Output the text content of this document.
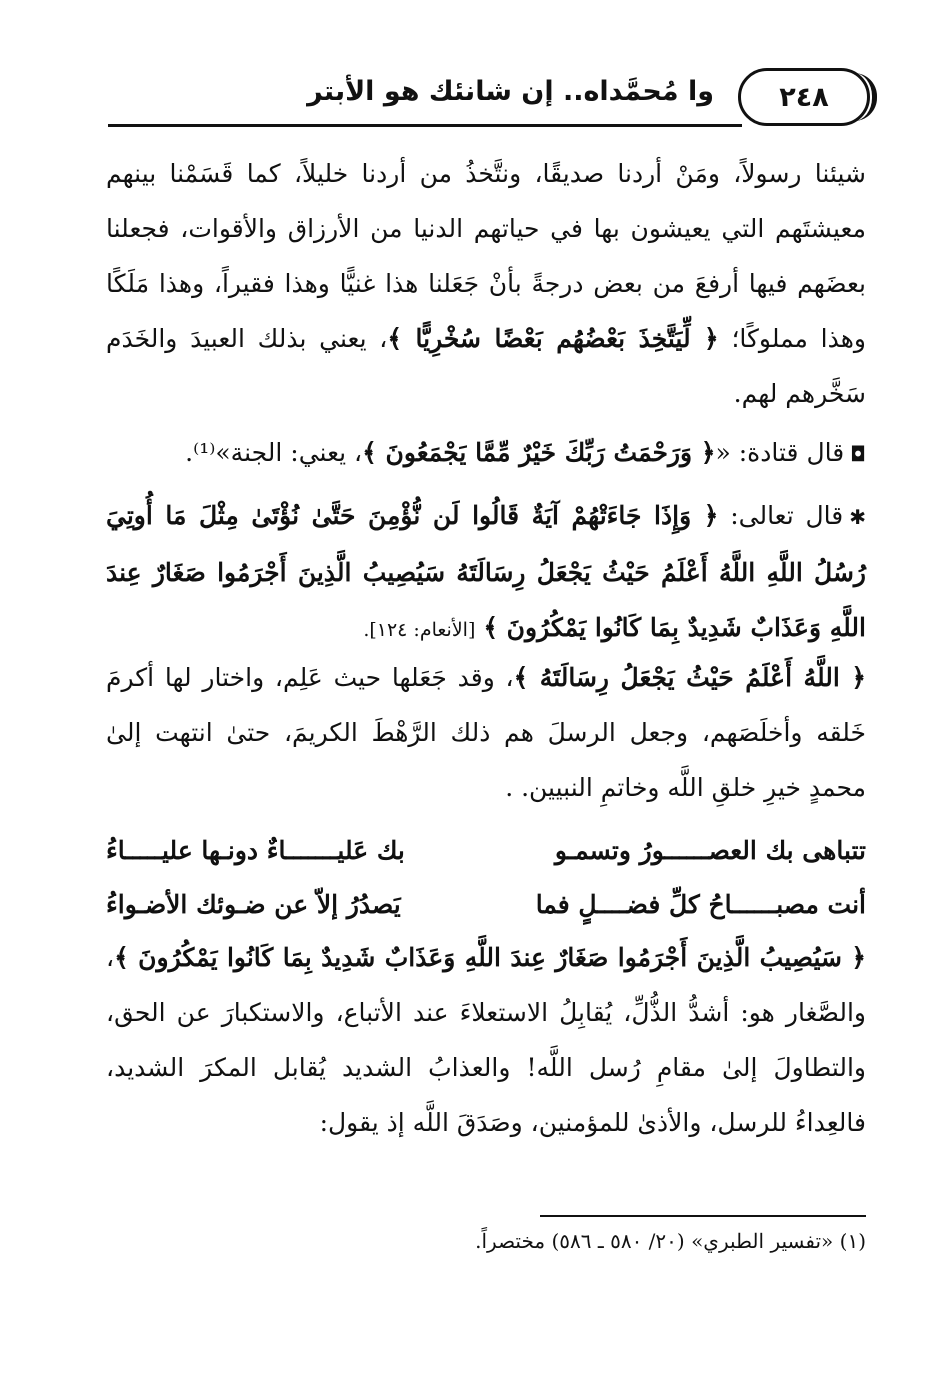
وا مُحمَّداه.. إن شانئك هو الأبتر	٢٤٨

شيئنا رسولاً، ومَنْ أردنا صديقًا، ونتَّخذُ من أردنا خليلاً، كما قَسَمْنا بينهم معيشتَهم التي يعيشون بها في حياتهم الدنيا من الأرزاق والأقوات، فجعلنا بعضَهم فيها أرفعَ من بعض درجةً بأنْ جَعَلنا هذا غنيًّا وهذا فقيراً، وهذا مَلَكًا وهذا مملوكًا؛ ﴿ لِّيَتَّخِذَ بَعْضُهُم بَعْضًا سُخْرِيًّا ﴾، يعني بذلك العبيدَ والخَدَم سَخَّرهم لهم.

◘قال قتادة: «﴿ وَرَحْمَتُ رَبِّكَ خَيْرٌ مِّمَّا يَجْمَعُونَ ﴾، يعني: الجنة»⁽¹⁾.

✱قال تعالى: ﴿ وَإِذَا جَاءَتْهُمْ آيَةٌ قَالُوا لَن نُّؤْمِنَ حَتَّىٰ نُؤْتَىٰ مِثْلَ مَا أُوتِيَ رُسُلُ اللَّهِ اللَّهُ أَعْلَمُ حَيْثُ يَجْعَلُ رِسَالَتَهُ سَيُصِيبُ الَّذِينَ أَجْرَمُوا صَغَارٌ عِندَ اللَّهِ وَعَذَابٌ شَدِيدٌ بِمَا كَانُوا يَمْكُرُونَ ﴾ [الأنعام: ١٢٤].

﴿ اللَّهُ أَعْلَمُ حَيْثُ يَجْعَلُ رِسَالَتَهُ ﴾، وقد جَعَلها حيث عَلِم، واختار لها أكرمَ خَلقه وأخلَصَهم، وجعل الرسلَ هم ذلك الرَّهْطَ الكريمَ، حتىٰ انتهت إلىٰ محمدٍ خيرِ خلقِ اللَّه وخاتمِ النبيين. .

تتباهى بك العصــــــورُ وتسمـو
بك عَليـــــــاءٌ دونـها عليـــــاءُ
أنت مصبــــــاحُ كلِّ فضــــلٍ فما
يَصدُرُ إلاّ عن ضـوئك الأضـواءُ

﴿ سَيُصِيبُ الَّذِينَ أَجْرَمُوا صَغَارٌ عِندَ اللَّهِ وَعَذَابٌ شَدِيدٌ بِمَا كَانُوا يَمْكُرُونَ ﴾، والصَّغار هو: أشدُّ الذُّلِّ، يُقابِلُ الاستعلاءَ عند الأتباع، والاستكبارَ عن الحق، والتطاولَ إلىٰ مقامِ رُسل اللَّه! والعذابُ الشديد يُقابل المكرَ الشديد، فالعِداءُ للرسل، والأذىٰ للمؤمنين، وصَدَقَ اللَّه إذ يقول:

(١) «تفسير الطبري» (٢٠/ ٥٨٠ ـ ٥٨٦) مختصراً.
